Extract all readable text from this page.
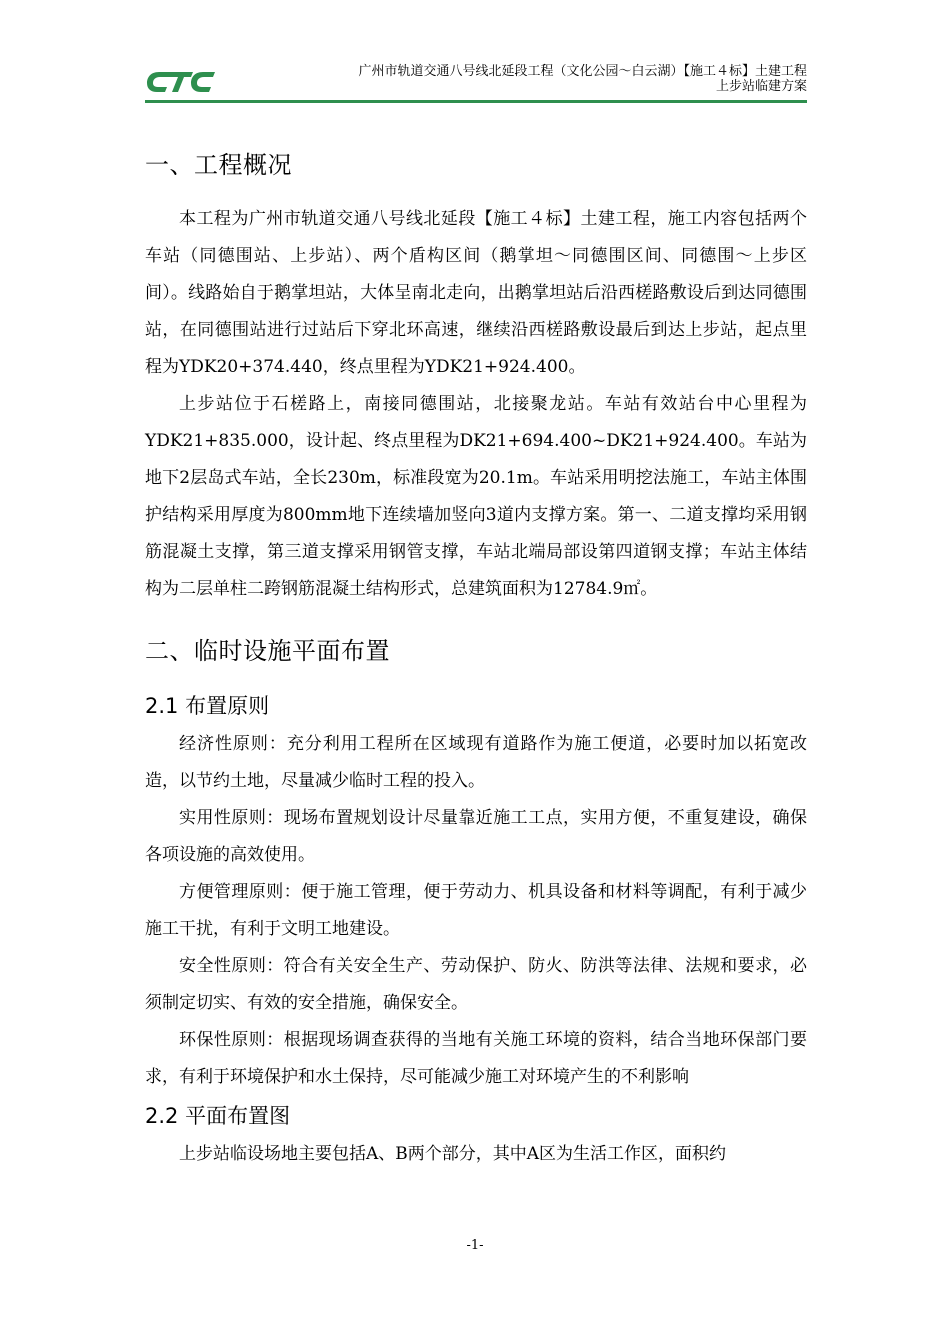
广州市轨道交通八号线北延段工程（文化公园～白云湖）【施工４标】土建工程
上步站临建方案
一、工程概况

本工程为广州市轨道交通八号线北延段【施工４标】土建工程，施工内容包括两个车站（同德围站、上步站）、两个盾构区间（鹅掌坦～同德围区间、同德围～上步区间）。线路始自于鹅掌坦站，大体呈南北走向，出鹅掌坦站后沿西槎路敷设后到达同德围站，在同德围站进行过站后下穿北环高速，继续沿西槎路敷设最后到达上步站，起点里程为YDK20+374.440，终点里程为YDK21+924.400。

上步站位于石槎路上，南接同德围站，北接聚龙站。车站有效站台中心里程为YDK21+835.000，设计起、终点里程为DK21+694.400~DK21+924.400。车站为地下2层岛式车站，全长230m，标准段宽为20.1m。车站采用明挖法施工，车站主体围护结构采用厚度为800mm地下连续墙加竖向3道内支撑方案。第一、二道支撑均采用钢筋混凝土支撑，第三道支撑采用钢管支撑，车站北端局部设第四道钢支撑；车站主体结构为二层单柱二跨钢筋混凝土结构形式，总建筑面积为12784.9㎡。

二、临时设施平面布置
2.1 布置原则

经济性原则：充分利用工程所在区域现有道路作为施工便道，必要时加以拓宽改造，以节约土地，尽量减少临时工程的投入。

实用性原则：现场布置规划设计尽量靠近施工工点，实用方便，不重复建设，确保各项设施的高效使用。

方便管理原则：便于施工管理，便于劳动力、机具设备和材料等调配，有利于减少施工干扰，有利于文明工地建设。

安全性原则：符合有关安全生产、劳动保护、防火、防洪等法律、法规和要求，必须制定切实、有效的安全措施，确保安全。

环保性原则：根据现场调查获得的当地有关施工环境的资料，结合当地环保部门要求，有利于环境保护和水土保持，尽可能减少施工对环境产生的不利影响

2.2 平面布置图

上步站临设场地主要包括A、B两个部分，其中A区为生活工作区，面积约

-1-
